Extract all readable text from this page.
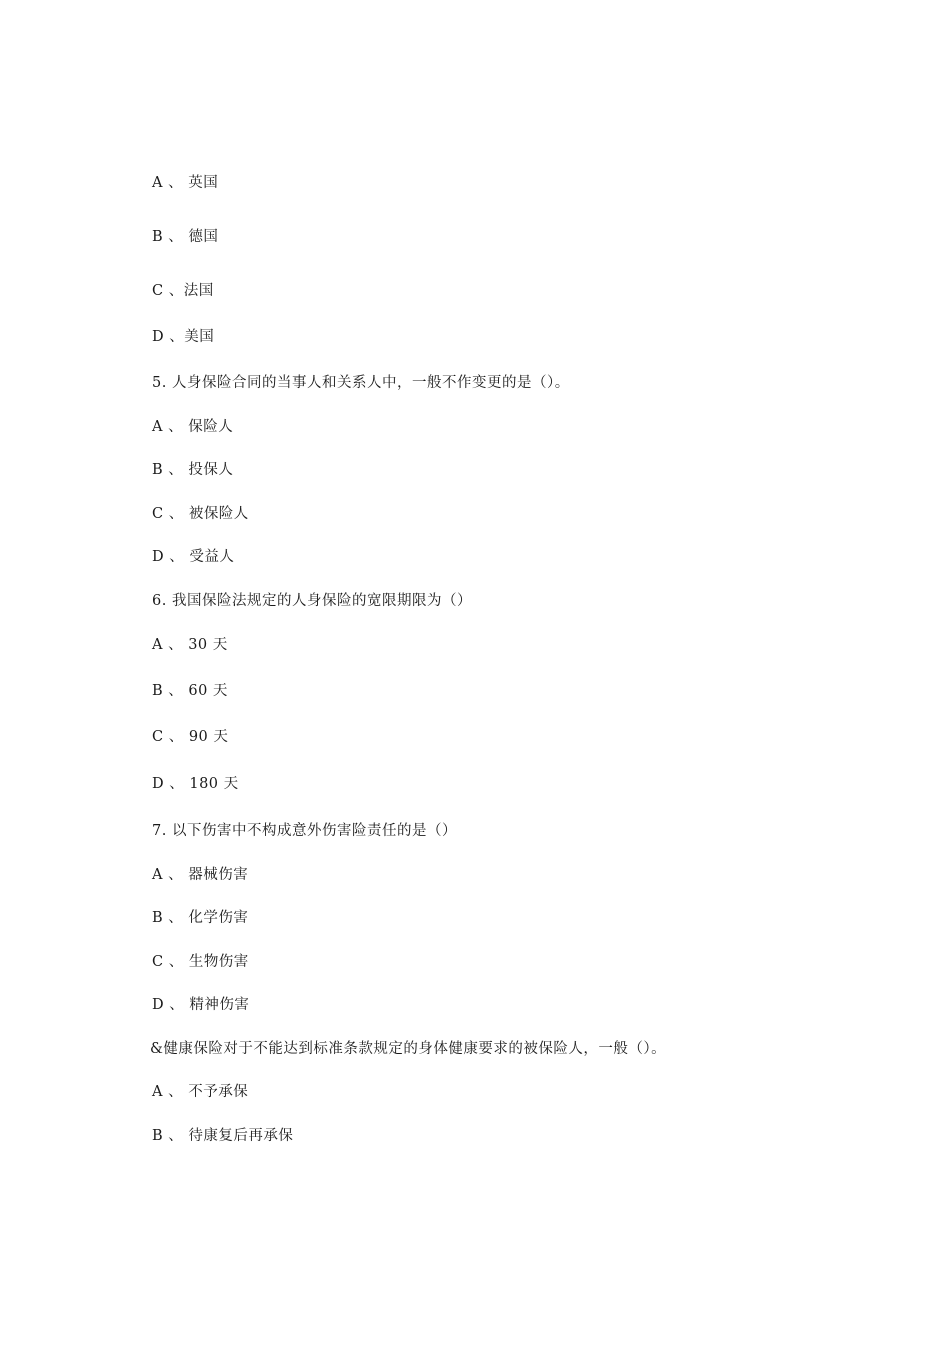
A 、 英国
B 、 德国
C 、法国
D 、美国
5. 人身保险合同的当事人和关系人中，一般不作变更的是（）。
A 、 保险人
B 、 投保人
C 、 被保险人
D 、 受益人
6. 我国保险法规定的人身保险的宽限期限为（）
A 、 30 天
B 、 60 天
C 、 90 天
D 、 180 天
7. 以下伤害中不构成意外伤害险责任的是（）
A 、 器械伤害
B 、 化学伤害
C 、 生物伤害
D 、 精神伤害
&健康保险对于不能达到标准条款规定的身体健康要求的被保险人，一般（）。
A 、 不予承保
B 、 待康复后再承保
